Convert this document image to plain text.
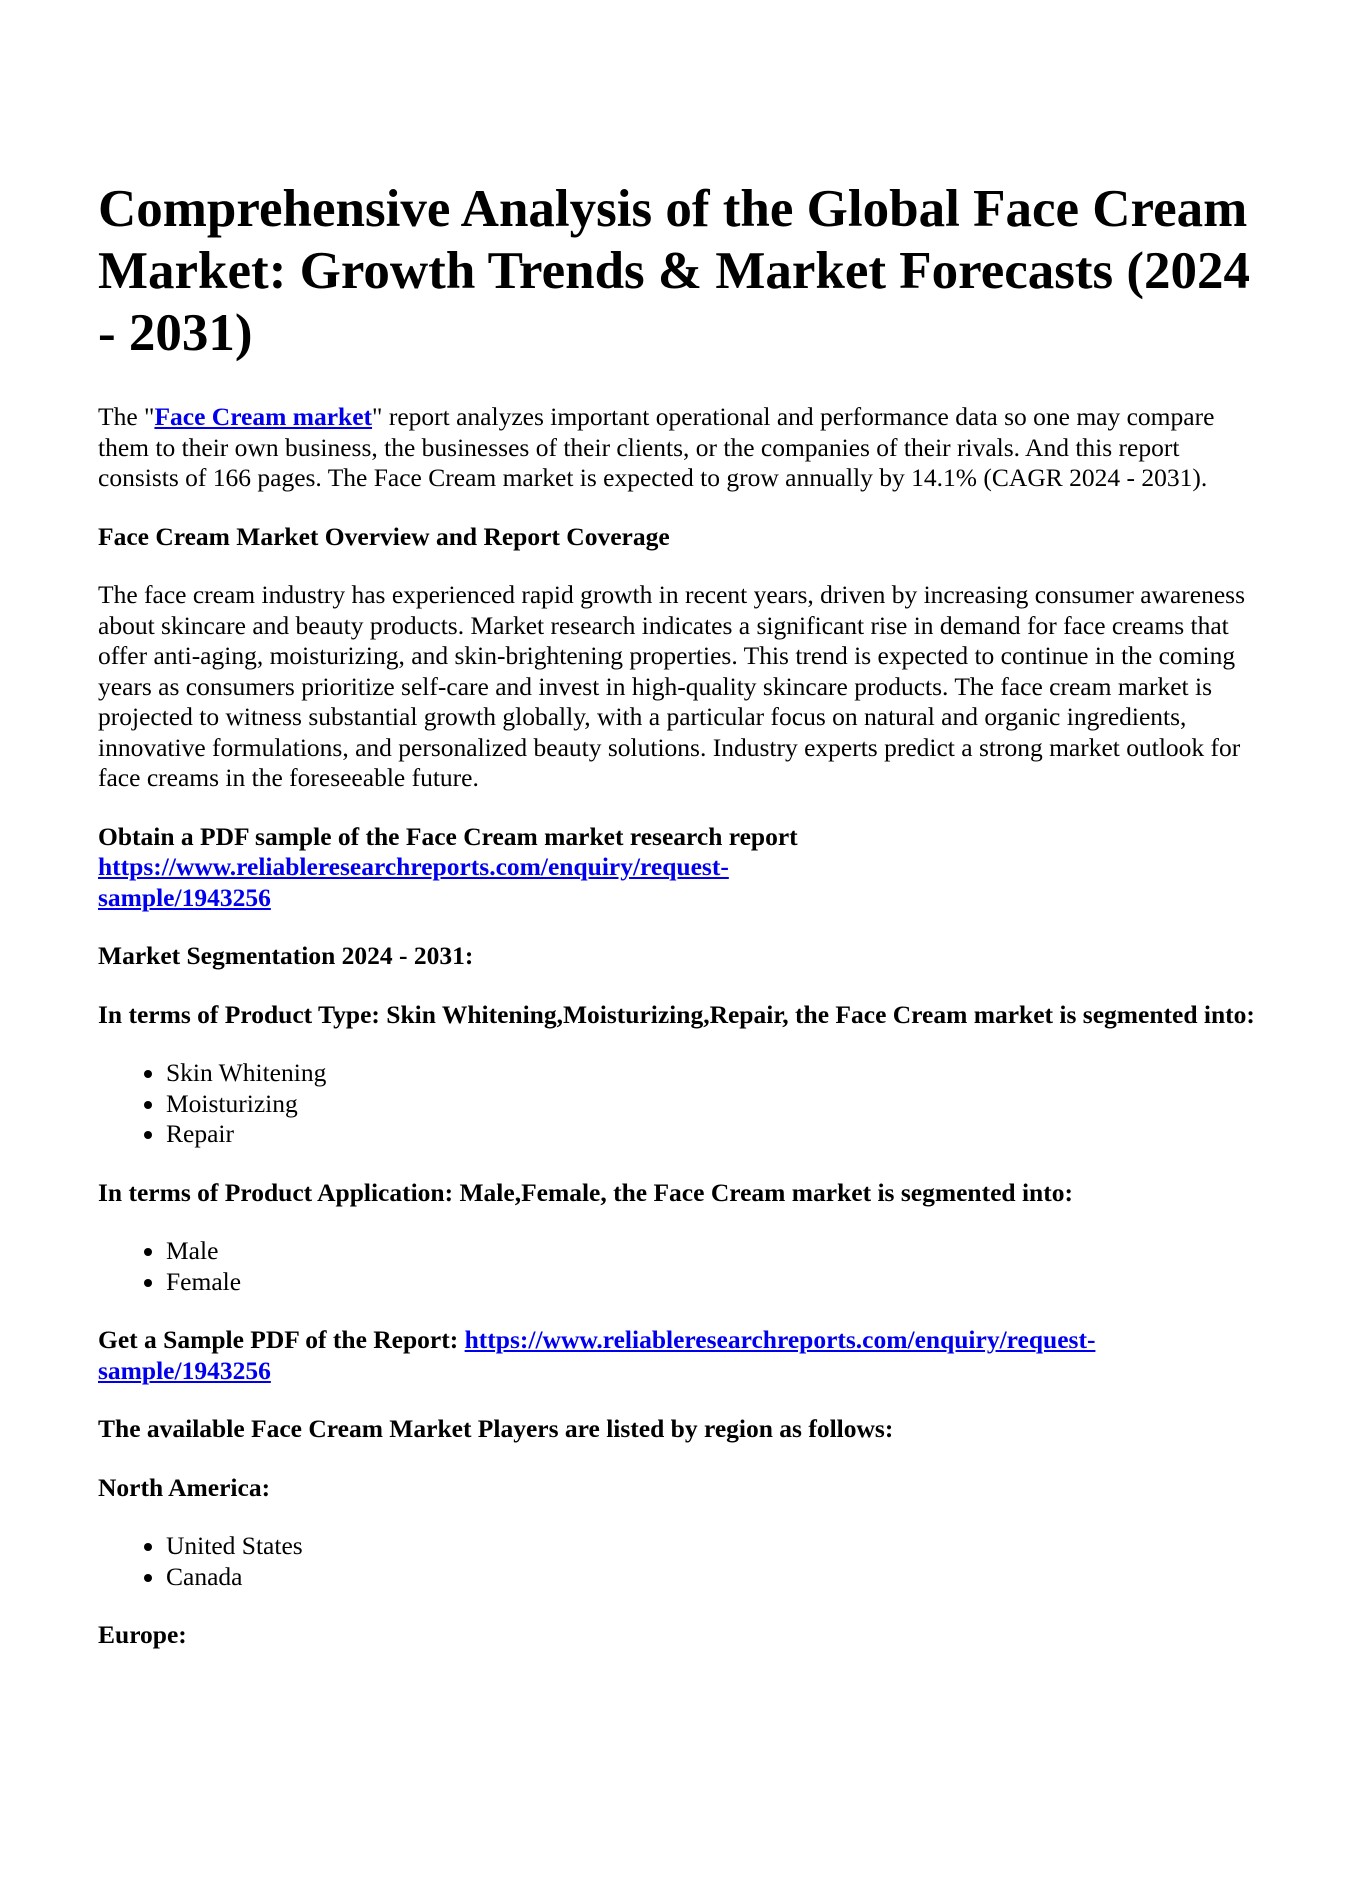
Comprehensive Analysis of the Global Face Cream Market: Growth Trends & Market Forecasts (2024 - 2031)

The "Face Cream market" report analyzes important operational and performance data so one may compare them to their own business, the businesses of their clients, or the companies of their rivals. And this report consists of 166 pages. The Face Cream market is expected to grow annually by 14.1% (CAGR 2024 - 2031).

Face Cream Market Overview and Report Coverage

The face cream industry has experienced rapid growth in recent years, driven by increasing consumer awareness about skincare and beauty products. Market research indicates a significant rise in demand for face creams that offer anti-aging, moisturizing, and skin-brightening properties. This trend is expected to continue in the coming years as consumers prioritize self-care and invest in high-quality skincare products. The face cream market is projected to witness substantial growth globally, with a particular focus on natural and organic ingredients, innovative formulations, and personalized beauty solutions. Industry experts predict a strong market outlook for face creams in the foreseeable future.

Obtain a PDF sample of the Face Cream market research report https://www.reliableresearchreports.com/enquiry/request-sample/1943256

Market Segmentation 2024 - 2031:

In terms of Product Type: Skin Whitening,Moisturizing,Repair, the Face Cream market is segmented into:

• Skin Whitening
• Moisturizing
• Repair

In terms of Product Application: Male,Female, the Face Cream market is segmented into:

• Male
• Female

Get a Sample PDF of the Report: https://www.reliableresearchreports.com/enquiry/request-sample/1943256

The available Face Cream Market Players are listed by region as follows:

North America:

• United States
• Canada

Europe:
